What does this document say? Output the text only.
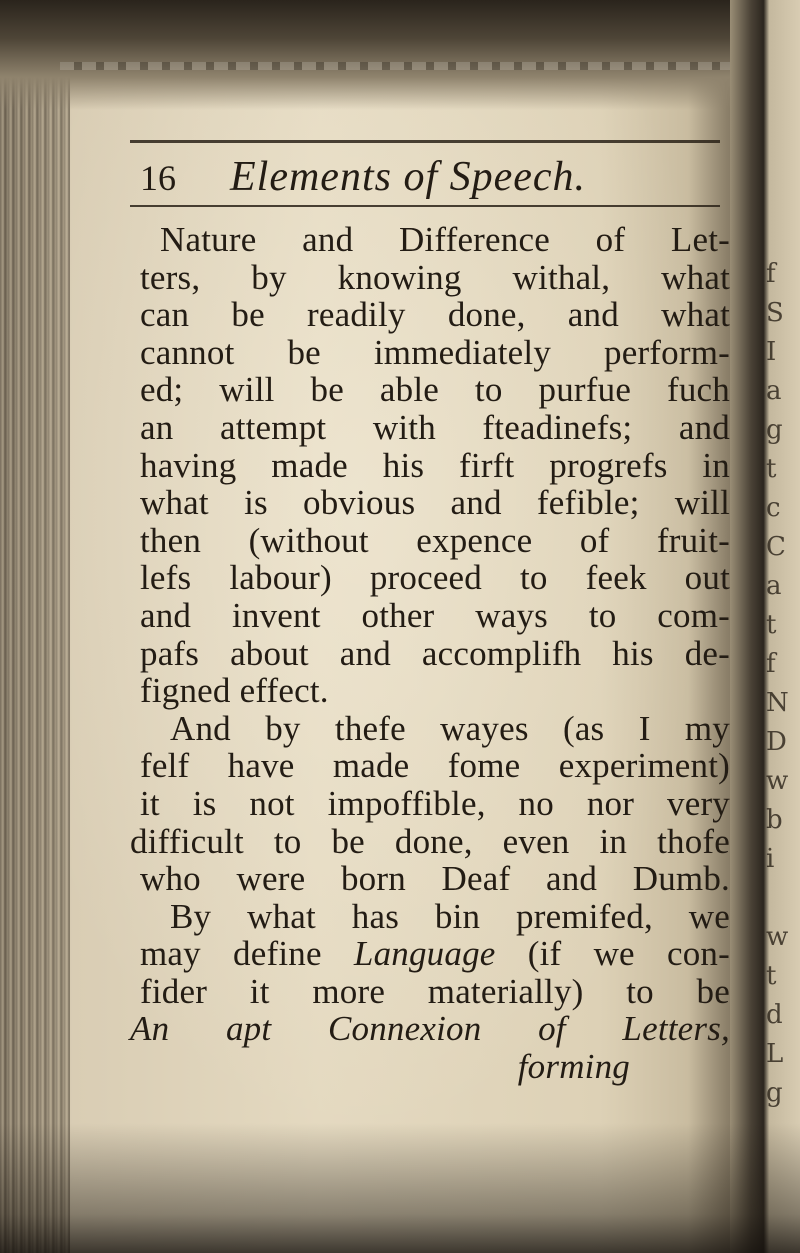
f
S
I
a
g
t
c
C
a
t
f
N
D
w
b
i
w
t
d
L
g
16	Elements of Speech.
Nature and Difference of Let-
ters, by knowing withal, what
can be readily done, and what
cannot be immediately perform-
ed; will be able to purfue fuch
an attempt with fteadinefs; and
having made his firft progrefs in
what is obvious and fefible; will
then (without expence of fruit-
lefs labour) proceed to feek out
and invent other ways to com-
pafs about and accomplifh his de-
figned effect.
And by thefe wayes (as I my
felf have made fome experiment)
it is not impoffible, no nor very
difficult to be done, even in thofe
who were born Deaf and Dumb.
By what has bin premifed, we
may define Language (if we con-
fider it more materially) to be
An apt Connexion of Letters,
forming
